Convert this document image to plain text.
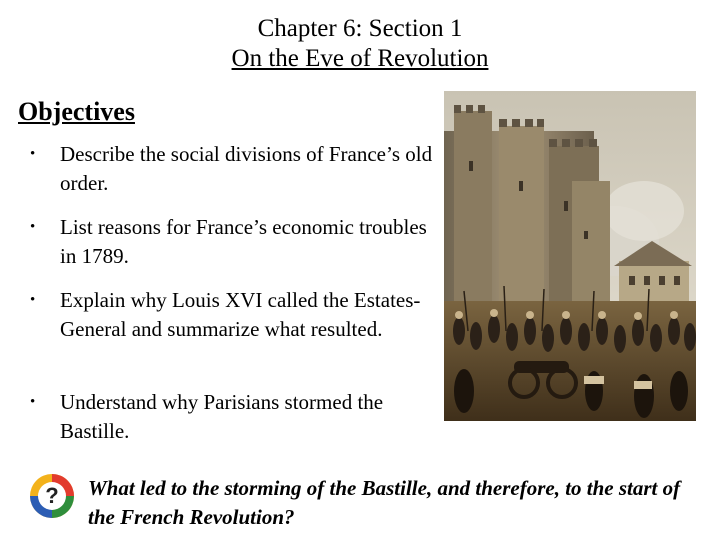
Chapter 6: Section 1
On the Eve of Revolution
Objectives
•	Describe the social divisions of France’s old order.
•	List reasons for France’s economic troubles in 1789.
•	Explain why Louis XVI called the Estates-General and summarize what resulted.
•	Understand why Parisians stormed the Bastille.
? What led to the storming of the Bastille, and therefore, to the start of the French Revolution?
